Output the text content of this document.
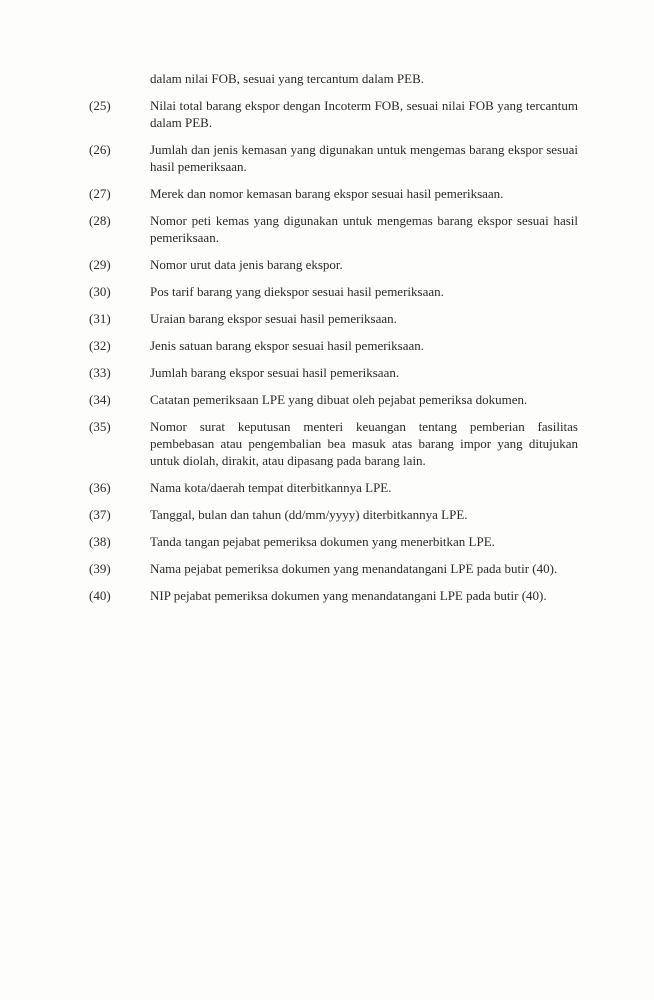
dalam nilai FOB, sesuai yang tercantum dalam PEB.

(25)	Nilai total barang ekspor dengan Incoterm FOB, sesuai nilai FOB yang tercantum dalam PEB.
(26)	Jumlah dan jenis kemasan yang digunakan untuk mengemas barang ekspor sesuai hasil pemeriksaan.
(27)	Merek dan nomor kemasan barang ekspor sesuai hasil pemeriksaan.
(28)	Nomor peti kemas yang digunakan untuk mengemas barang ekspor sesuai hasil pemeriksaan.
(29)	Nomor urut data jenis barang ekspor.
(30)	Pos tarif barang yang diekspor sesuai hasil pemeriksaan.
(31)	Uraian barang ekspor sesuai hasil pemeriksaan.
(32)	Jenis satuan barang ekspor sesuai hasil pemeriksaan.
(33)	Jumlah barang ekspor sesuai hasil pemeriksaan.
(34)	Catatan pemeriksaan LPE yang dibuat oleh pejabat pemeriksa dokumen.
(35)	Nomor surat keputusan menteri keuangan tentang pemberian fasilitas pembebasan atau pengembalian bea masuk atas barang impor yang ditujukan untuk diolah, dirakit, atau dipasang pada barang lain.
(36)	Nama kota/daerah tempat diterbitkannya LPE.
(37)	Tanggal, bulan dan tahun (dd/mm/yyyy) diterbitkannya LPE.
(38)	Tanda tangan pejabat pemeriksa dokumen yang menerbitkan LPE.
(39)	Nama pejabat pemeriksa dokumen yang menandatangani LPE pada butir (40).
(40)	NIP pejabat pemeriksa dokumen yang menandatangani LPE pada butir (40).
